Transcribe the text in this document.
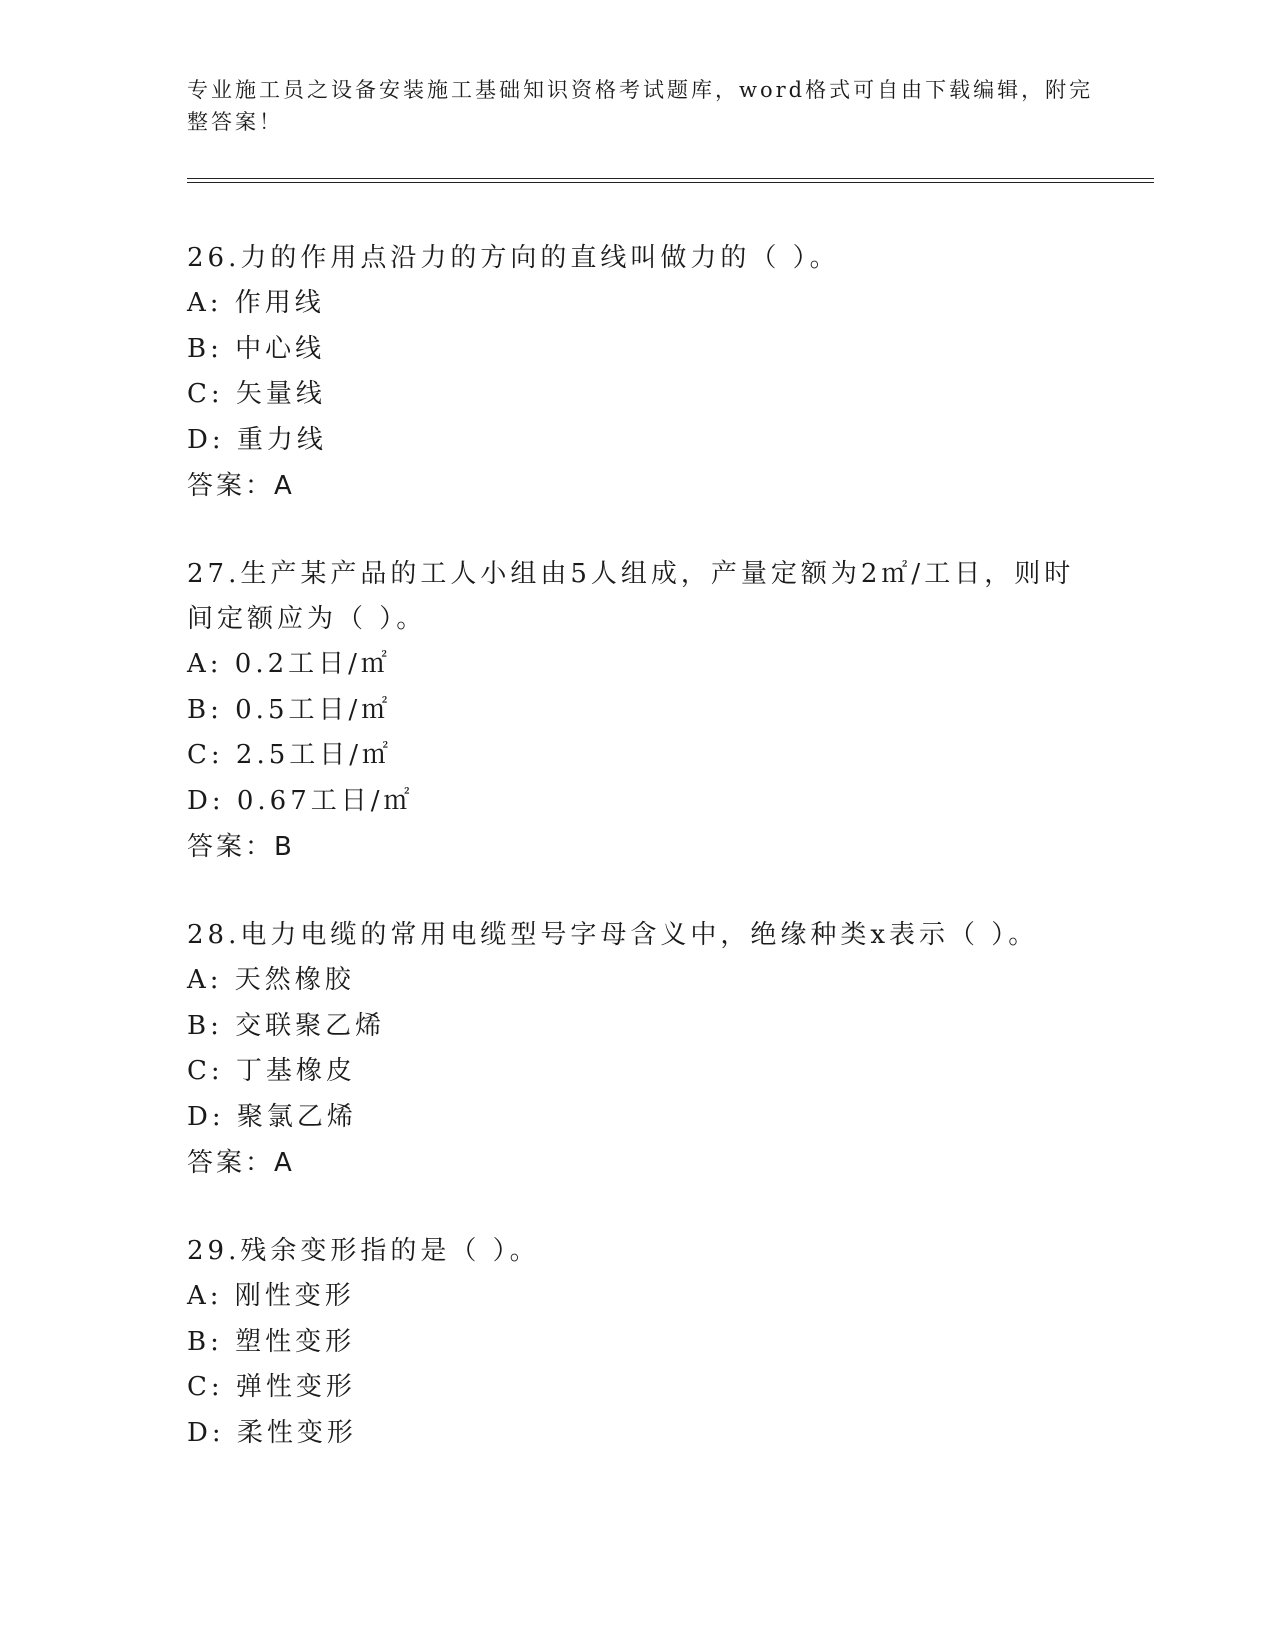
专业施工员之设备安装施工基础知识资格考试题库，word格式可自由下载编辑，附完整答案！

26.力的作用点沿力的方向的直线叫做力的（ ）。

A: 作用线

B: 中心线

C: 矢量线

D: 重力线

答案：A

27.生产某产品的工人小组由5人组成，产量定额为2㎡/工日，则时间定额应为（ ）。

A: 0.2工日/㎡

B: 0.5工日/㎡

C: 2.5工日/㎡

D: 0.67工日/㎡

答案：B

28.电力电缆的常用电缆型号字母含义中，绝缘种类x表示（ ）。

A: 天然橡胶

B: 交联聚乙烯

C: 丁基橡皮

D: 聚氯乙烯

答案：A

29.残余变形指的是（ ）。

A: 刚性变形

B: 塑性变形

C: 弹性变形

D: 柔性变形
